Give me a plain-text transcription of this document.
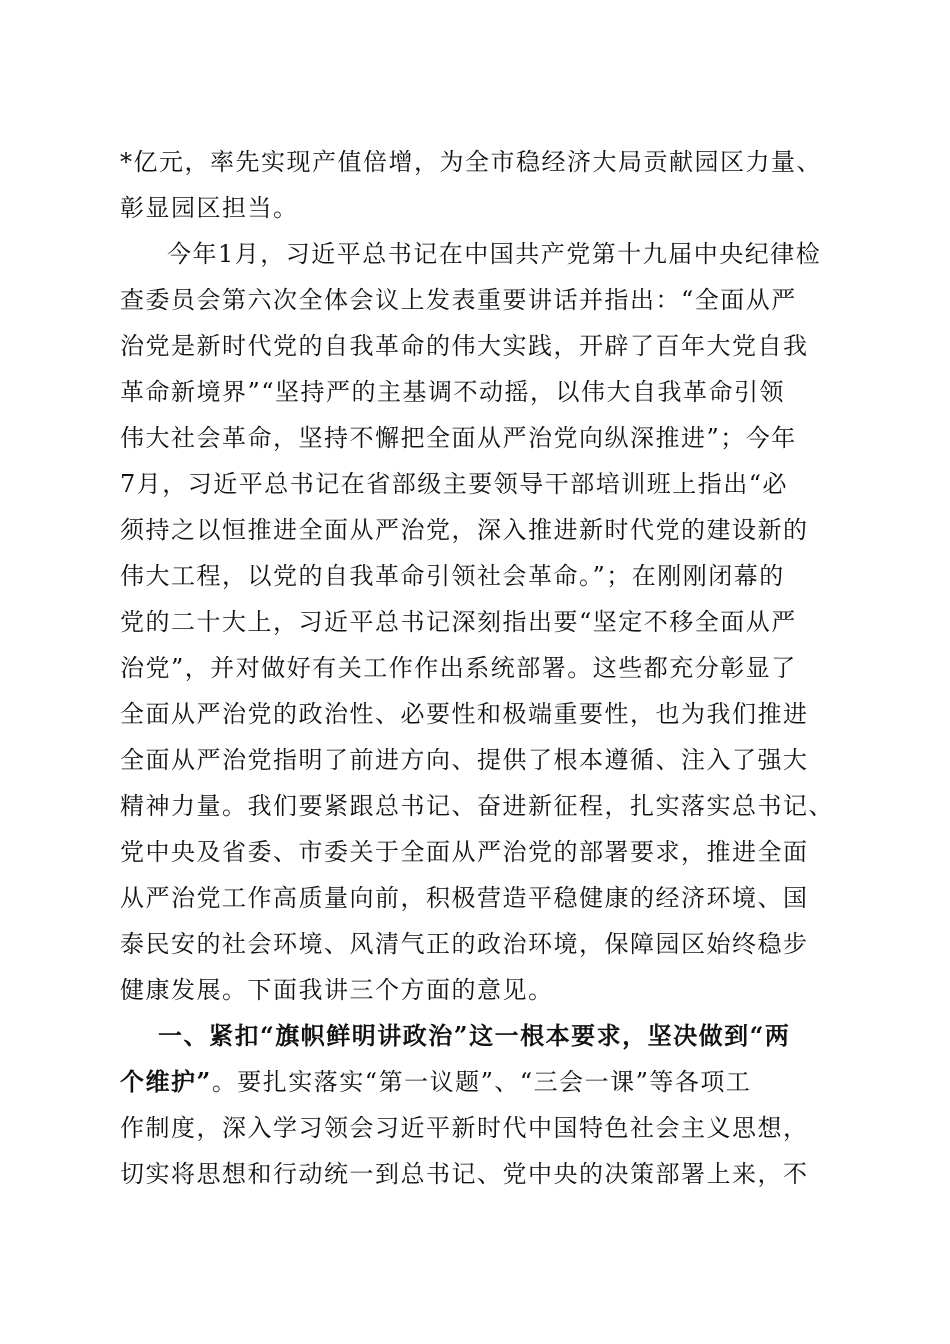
*亿元，率先实现产值倍增，为全市稳经济大局贡献园区力量、
彰显园区担当。
今年1月，习近平总书记在中国共产党第十九届中央纪律检
查委员会第六次全体会议上发表重要讲话并指出：“全面从严
治党是新时代党的自我革命的伟大实践，开辟了百年大党自我
革命新境界”“坚持严的主基调不动摇，以伟大自我革命引领
伟大社会革命，坚持不懈把全面从严治党向纵深推进”；今年
7月，习近平总书记在省部级主要领导干部培训班上指出“必
须持之以恒推进全面从严治党，深入推进新时代党的建设新的
伟大工程，以党的自我革命引领社会革命。”；在刚刚闭幕的
党的二十大上，习近平总书记深刻指出要“坚定不移全面从严
治党”，并对做好有关工作作出系统部署。这些都充分彰显了
全面从严治党的政治性、必要性和极端重要性，也为我们推进
全面从严治党指明了前进方向、提供了根本遵循、注入了强大
精神力量。我们要紧跟总书记、奋进新征程，扎实落实总书记、
党中央及省委、市委关于全面从严治党的部署要求，推进全面
从严治党工作高质量向前，积极营造平稳健康的经济环境、国
泰民安的社会环境、风清气正的政治环境，保障园区始终稳步
健康发展。下面我讲三个方面的意见。
一、紧扣“旗帜鲜明讲政治”这一根本要求，坚决做到“两
个维护”。要扎实落实“第一议题”、“三会一课”等各项工
作制度，深入学习领会习近平新时代中国特色社会主义思想，
切实将思想和行动统一到总书记、党中央的决策部署上来，不
